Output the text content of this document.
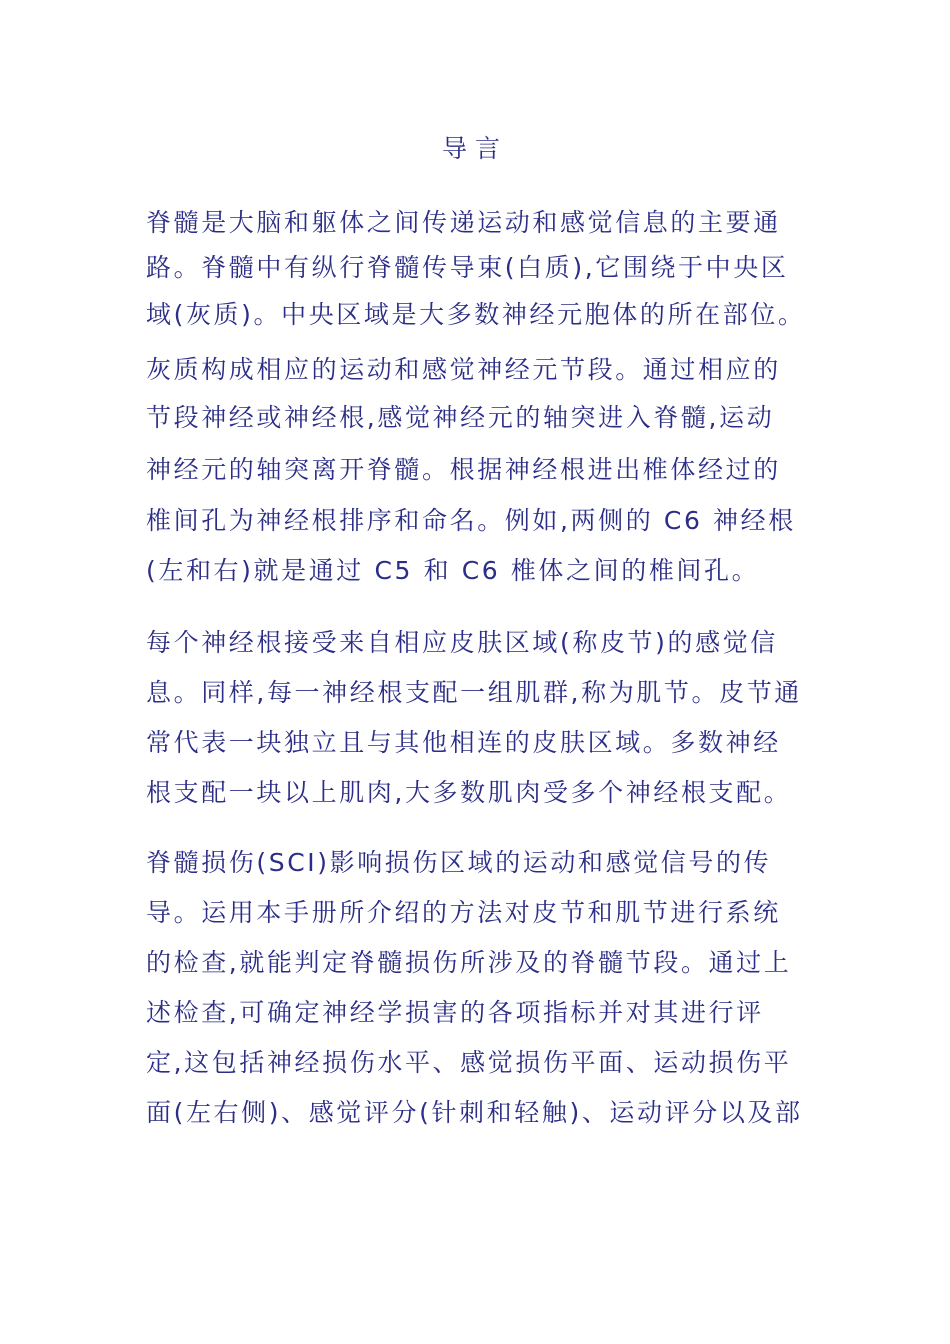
导言
脊髓是大脑和躯体之间传递运动和感觉信息的主要通
路。脊髓中有纵行脊髓传导束(白质),它围绕于中央区
域(灰质)。中央区域是大多数神经元胞体的所在部位。
灰质构成相应的运动和感觉神经元节段。通过相应的
节段神经或神经根,感觉神经元的轴突进入脊髓,运动
神经元的轴突离开脊髓。根据神经根进出椎体经过的
椎间孔为神经根排序和命名。例如,两侧的 C6 神经根
(左和右)就是通过 C5 和 C6 椎体之间的椎间孔。
每个神经根接受来自相应皮肤区域(称皮节)的感觉信
息。同样,每一神经根支配一组肌群,称为肌节。皮节通
常代表一块独立且与其他相连的皮肤区域。多数神经
根支配一块以上肌肉,大多数肌肉受多个神经根支配。
脊髓损伤(SCI)影响损伤区域的运动和感觉信号的传
导。运用本手册所介绍的方法对皮节和肌节进行系统
的检查,就能判定脊髓损伤所涉及的脊髓节段。通过上
述检查,可确定神经学损害的各项指标并对其进行评
定,这包括神经损伤水平、感觉损伤平面、运动损伤平
面(左右侧)、感觉评分(针刺和轻触)、运动评分以及部
